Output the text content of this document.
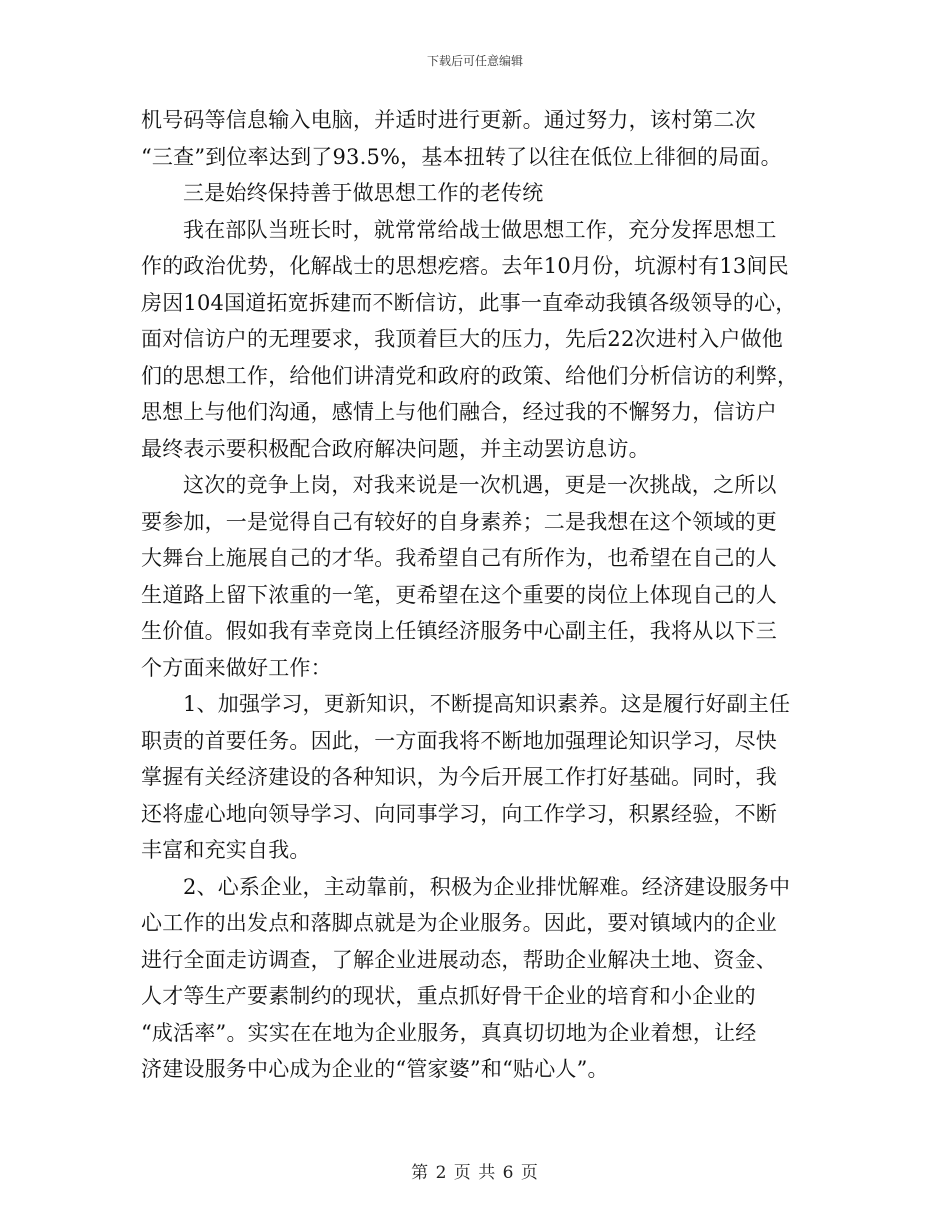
下载后可任意编辑
机号码等信息输入电脑，并适时进行更新。通过努力，该村第二次
“三查”到位率达到了93.5%，基本扭转了以往在低位上徘徊的局面。
三是始终保持善于做思想工作的老传统
我在部队当班长时，就常常给战士做思想工作，充分发挥思想工
作的政治优势，化解战士的思想疙瘩。去年10月份，坑源村有13间民
房因104国道拓宽拆建而不断信访，此事一直牵动我镇各级领导的心，
面对信访户的无理要求，我顶着巨大的压力，先后22次进村入户做他
们的思想工作，给他们讲清党和政府的政策、给他们分析信访的利弊，
思想上与他们沟通，感情上与他们融合，经过我的不懈努力，信访户
最终表示要积极配合政府解决问题，并主动罢访息访。
这次的竞争上岗，对我来说是一次机遇，更是一次挑战，之所以
要参加，一是觉得自己有较好的自身素养；二是我想在这个领域的更
大舞台上施展自己的才华。我希望自己有所作为，也希望在自己的人
生道路上留下浓重的一笔，更希望在这个重要的岗位上体现自己的人
生价值。假如我有幸竞岗上任镇经济服务中心副主任，我将从以下三
个方面来做好工作：
1、加强学习，更新知识，不断提高知识素养。这是履行好副主任
职责的首要任务。因此，一方面我将不断地加强理论知识学习，尽快
掌握有关经济建设的各种知识，为今后开展工作打好基础。同时，我
还将虚心地向领导学习、向同事学习，向工作学习，积累经验，不断
丰富和充实自我。
2、心系企业，主动靠前，积极为企业排忧解难。经济建设服务中
心工作的出发点和落脚点就是为企业服务。因此，要对镇域内的企业
进行全面走访调查，了解企业进展动态，帮助企业解决土地、资金、
人才等生产要素制约的现状，重点抓好骨干企业的培育和小企业的
“成活率”。实实在在地为企业服务，真真切切地为企业着想，让经
济建设服务中心成为企业的“管家婆”和“贴心人”。
第 2 页 共 6 页
